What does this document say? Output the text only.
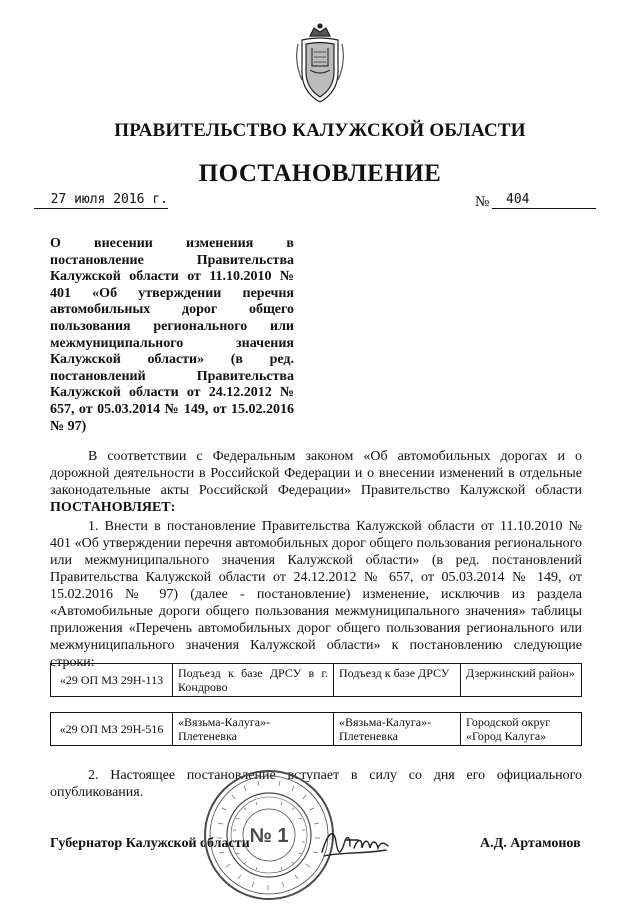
ПРАВИТЕЛЬСТВО КАЛУЖСКОЙ ОБЛАСТИ
ПОСТАНОВЛЕНИЕ
27 июля 2016 г.	№	404
О внесении изменения в постановление Правительства Калужской области от 11.10.2010 № 401 «Об утверждении перечня автомобильных дорог общего пользования регионального или межмуниципального значения Калужской области» (в ред. постановлений Правительства Калужской области от 24.12.2012 № 657, от 05.03.2014 № 149, от 15.02.2016 № 97)

В соответствии с Федеральным законом «Об автомобильных дорогах и о дорожной деятельности в Российской Федерации и о внесении изменений в отдельные законодательные акты Российской Федерации» Правительство Калужской области ПОСТАНОВЛЯЕТ:

1. Внести в постановление Правительства Калужской области от 11.10.2010 № 401 «Об утверждении перечня автомобильных дорог общего пользования регионального или межмуниципального значения Калужской области» (в ред. постановлений Правительства Калужской области от 24.12.2012 № 657, от 05.03.2014 № 149, от 15.02.2016 № 97) (далее - постановление) изменение, исключив из раздела «Автомобильные дороги общего пользования межмуниципального значения» таблицы приложения «Перечень автомобильных дорог общего пользования регионального или межмуниципального значения Калужской области» к постановлению следующие строки:

«29 ОП МЗ 29Н-113	Подъезд к базе ДРСУ в г. Кондрово	Подъезд к базе ДРСУ	Дзержинский район»
«29 ОП МЗ 29Н-516	«Вязьма-Калуга»-Плетеневка	«Вязьма-Калуга»-Плетеневка	Городской округ «Город Калуга»

2. Настоящее постановление вступает в силу со дня его официального опубликования.

Губернатор Калужской области	А.Д. Артамонов
№ 1
